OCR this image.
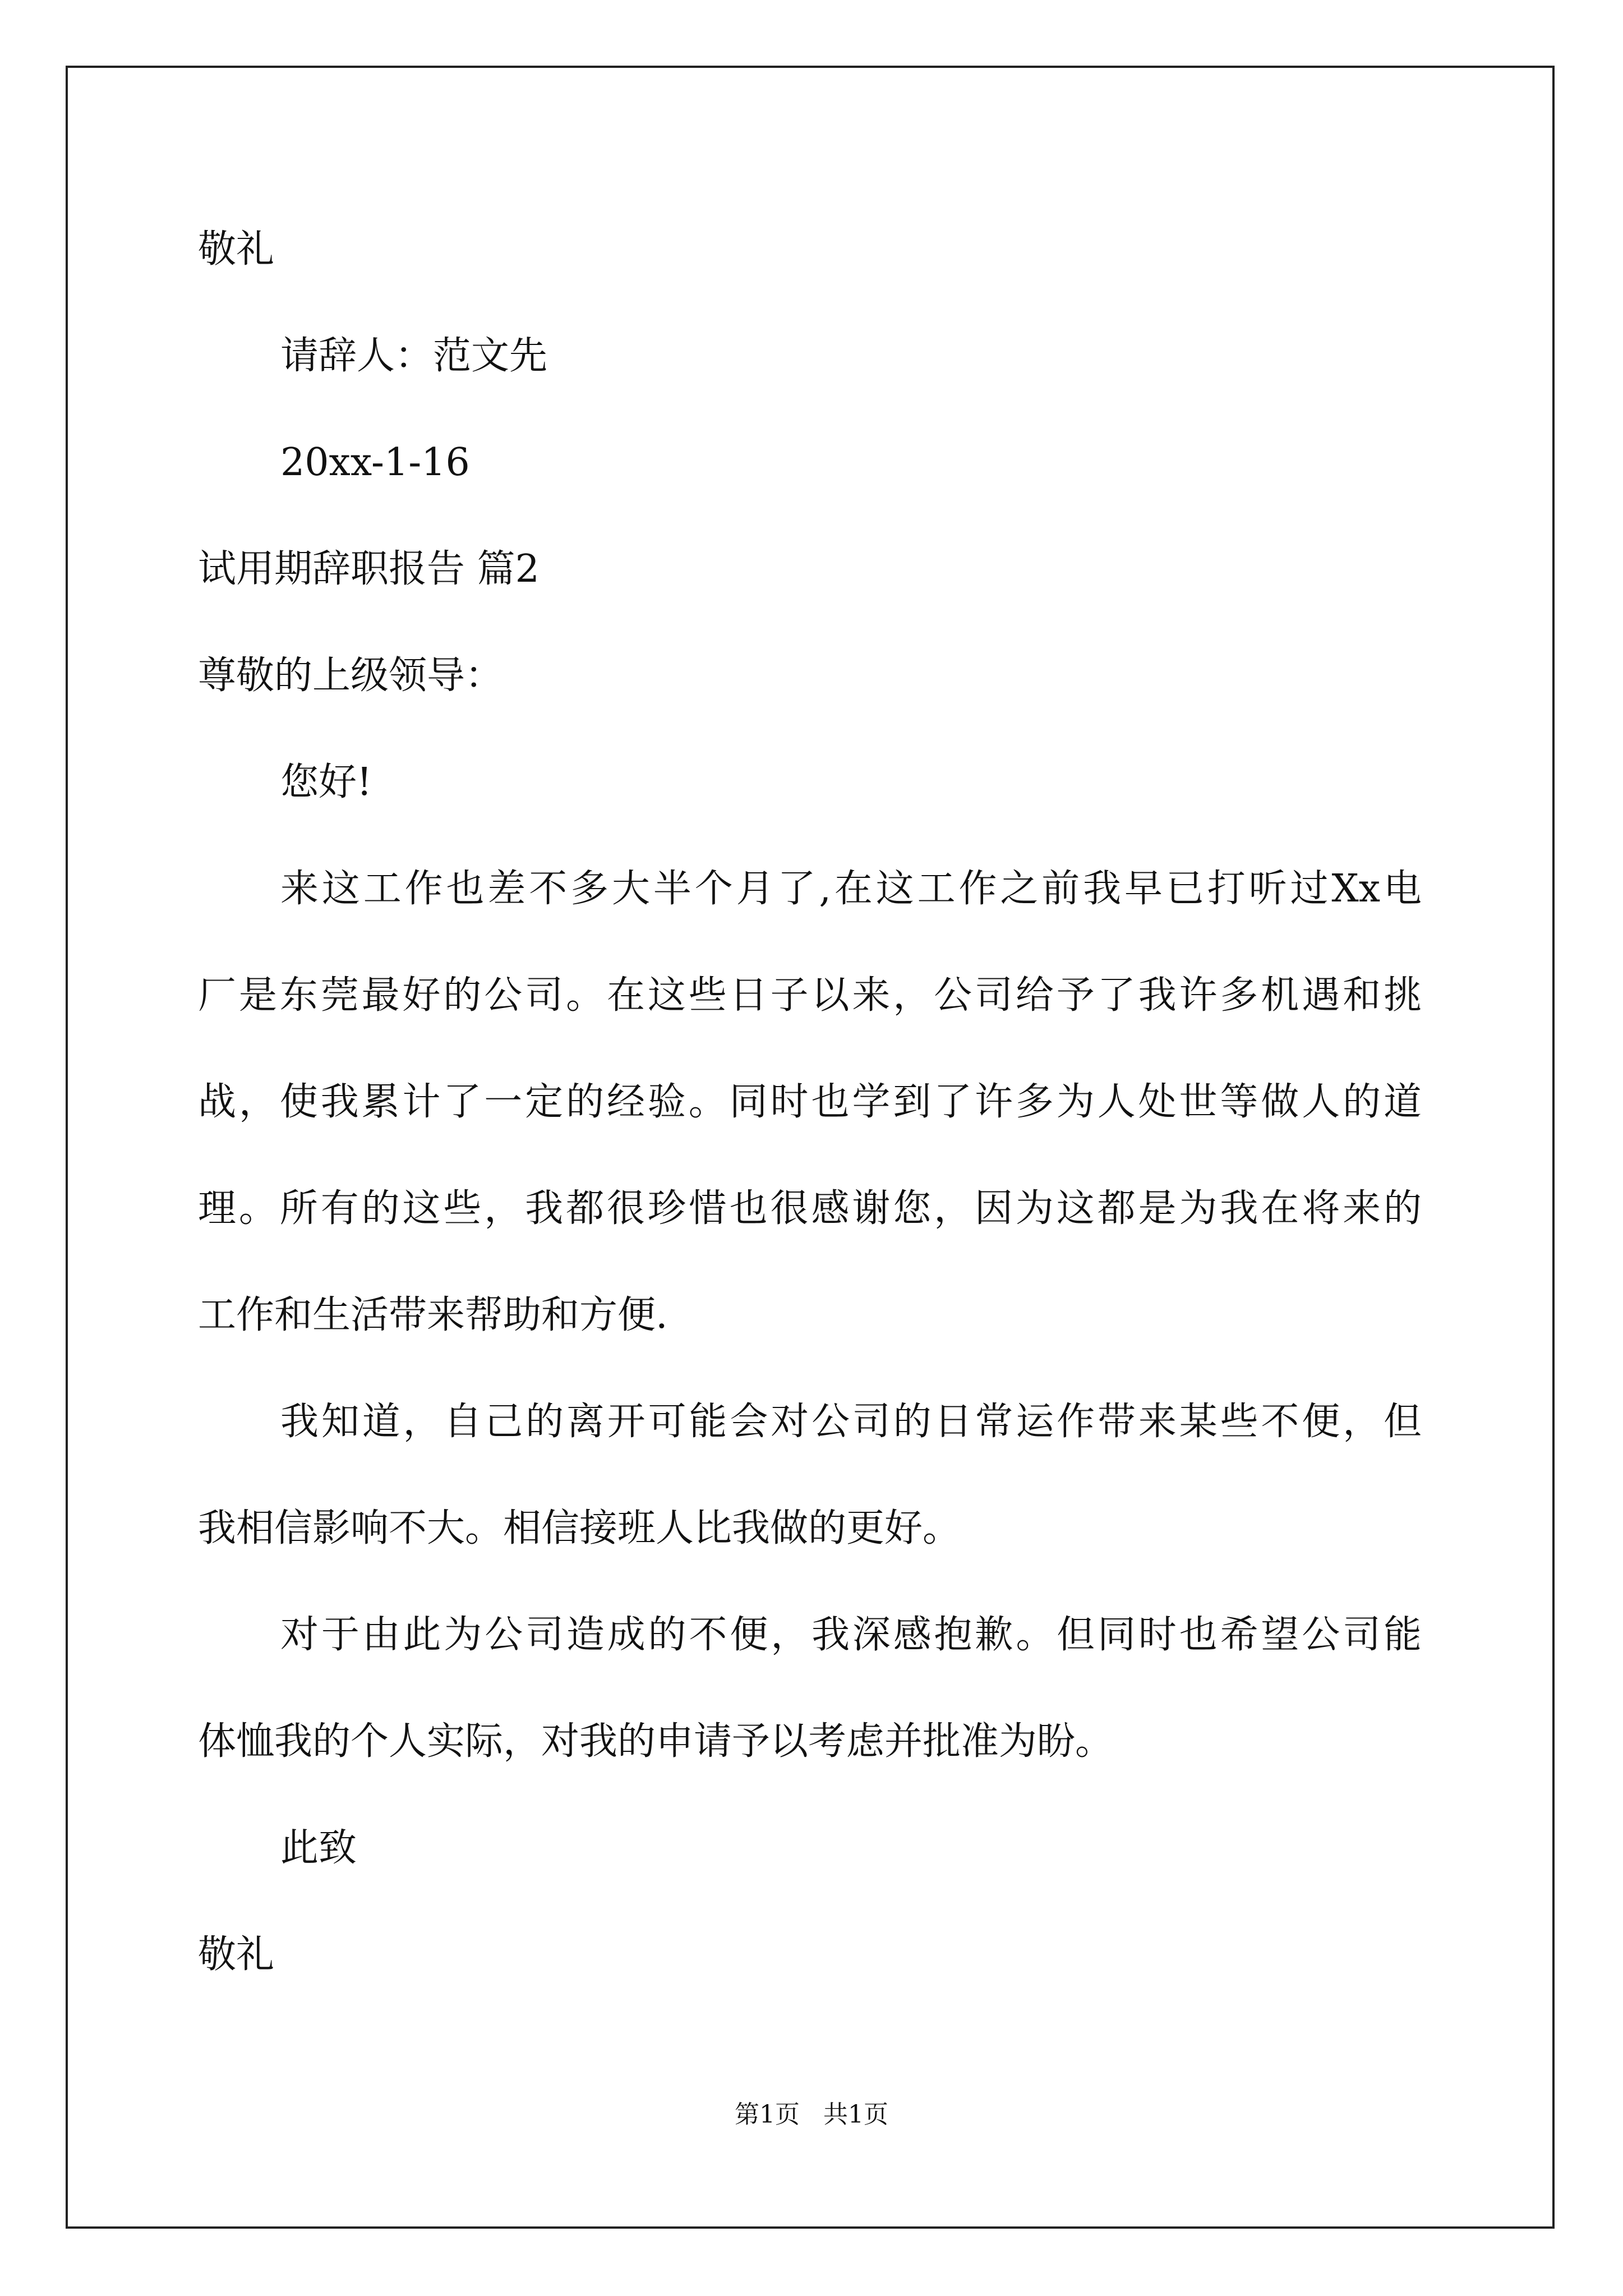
敬礼
请辞人：范文先
20xx-1-16
试用期辞职报告 篇2
尊敬的上级领导：
您好!
来这工作也差不多大半个月了,在这工作之前我早已打听过Xx电
厂是东莞最好的公司。在这些日子以来，公司给予了我许多机遇和挑
战，使我累计了一定的经验。同时也学到了许多为人处世等做人的道
理。所有的这些，我都很珍惜也很感谢您，因为这都是为我在将来的
工作和生活带来帮助和方便.
我知道，自己的离开可能会对公司的日常运作带来某些不便，但
我相信影响不大。相信接班人比我做的更好。
对于由此为公司造成的不便，我深感抱歉。但同时也希望公司能
体恤我的个人实际，对我的申请予以考虑并批准为盼。
此致
敬礼
第1页   共1页
